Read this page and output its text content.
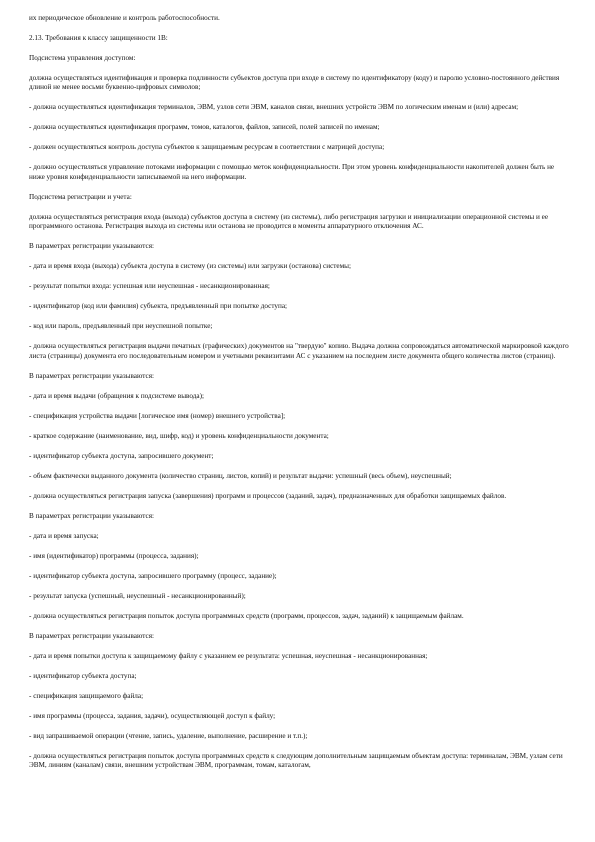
их периодическое обновление и контроль работоспособности.

2.13. Требования к классу защищенности 1В:

Подсистема управления доступом:

должна осуществляться идентификация и проверка подлинности субъектов доступа при входе в систему по идентификатору (коду) и паролю условно-постоянного действия длиной не менее восьми буквенно-цифровых символов;

- должна осуществляться идентификация терминалов, ЭВМ, узлов сети ЭВМ, каналов связи, внешних устройств ЭВМ по логическим именам и (или) адресам;

- должна осуществляться идентификация программ, томов, каталогов, файлов, записей, полей записей по именам;

- должен осуществляться контроль доступа субъектов к защищаемым ресурсам в соответствии с матрицей доступа;

- должно осуществляться управление потоками информации с помощью меток конфиденциальности. При этом уровень конфиденциальности накопителей должен быть не ниже уровня конфиденциальности записываемой на него информации.

Подсистема регистрации и учета:

должна осуществляться регистрация входа (выхода) субъектов доступа в систему (из системы), либо регистрация загрузки и инициализации операционной системы и ее программного останова. Регистрация выхода из системы или останова не проводится в моменты аппаратурного отключения АС.

В параметрах регистрации указываются:

- дата и время входа (выхода) субъекта доступа в систему (из системы) или загрузки (останова) системы;

- результат попытки входа: успешная или неуспешная - несанкционированная;

- идентификатор (код или фамилия) субъекта, предъявленный при попытке доступа;

- код или пароль, предъявленный при неуспешной попытке;

- должна осуществляться регистрация выдачи печатных (графических) документов на "твердую" копию. Выдача должна сопровождаться автоматической маркировкой каждого листа (страницы) документа его последовательным номером и учетными реквизитами АС с указанием на последнем листе документа общего количества листов (страниц).

В параметрах регистрации указываются:

- дата и время выдачи (обращения к подсистеме вывода);

- спецификация устройства выдачи [логическое имя (номер) внешнего устройства];

- краткое содержание (наименование, вид, шифр, код) и уровень конфиденциальности документа;

- идентификатор субъекта доступа, запросившего документ;

- объем фактически выданного документа (количество страниц, листов, копий) и результат выдачи: успешный (весь объем), неуспешный;

- должна осуществляться регистрация запуска (завершения) программ и процессов (заданий, задач), предназначенных для обработки защищаемых файлов.

В параметрах регистрации указываются:

- дата и время запуска;

- имя (идентификатор) программы (процесса, задания);

- идентификатор субъекта доступа, запросившего программу (процесс, задание);

- результат запуска (успешный, неуспешный - несанкционированный);

- должна осуществляться регистрация попыток доступа программных средств (программ, процессов, задач, заданий) к защищаемым файлам.

В параметрах регистрации указываются:

- дата и время попытки доступа к защищаемому файлу с указанием ее результата: успешная, неуспешная - несанкционированная;

- идентификатор субъекта доступа;

- спецификация защищаемого файла;

- имя программы (процесса, задания, задачи), осуществляющей доступ к файлу;

- вид запрашиваемой операции (чтение, запись, удаление, выполнение, расширение и т.п.);

- должна осуществляться регистрация попыток доступа программных средств к следующим дополнительным защищаемым объектам доступа: терминалам, ЭВМ, узлам сети ЭВМ, линиям (каналам) связи, внешним устройствам ЭВМ, программам, томам, каталогам,
